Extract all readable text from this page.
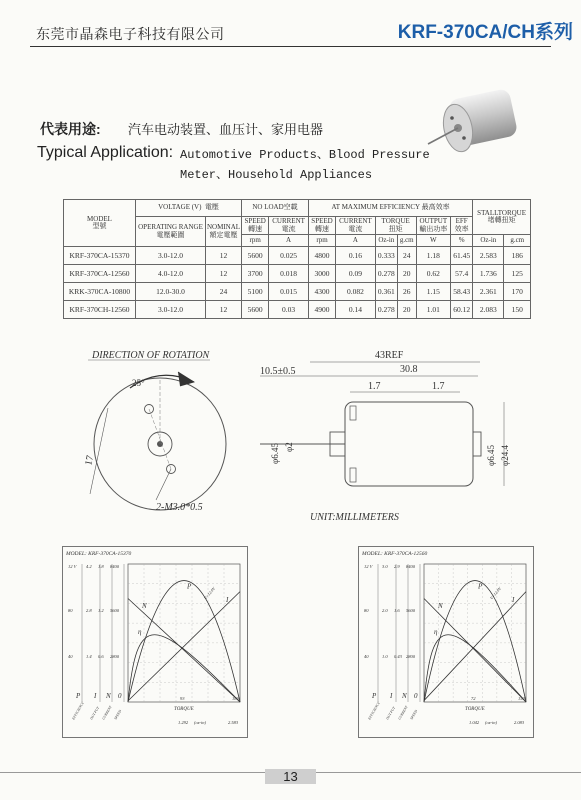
东莞市晶森电子科技有限公司	KRF-370CA/CH系列
代表用途: 汽车电动装置、血压计、家用电器
Typical Application: Automotive Products、Blood Pressure
Meter、Household Appliances
MODEL
型號	VOLTAGE (V) 電壓		NO LOAD空載		AT MAXIMUM EFFICIENCY 最高效率						STALLTORQUE
堵轉扭矩	
	OPERATING RANGE
電壓範圍	NOMINAL
額定電壓	SPEED
轉速	CURRENT
電流	SPEED
轉速	CURRENT
電流	TORQUE
扭矩		OUTPUT
輸出功率	EFF
效率		
			rpm	A	rpm	A	Oz-in	g.cm	W	%	Oz-in	g.cm
KRF-370CA-15370	3.0-12.0	12	5600	0.025	4800	0.16	0.333	24	1.18	61.45	2.583	186
KRF-370CA-12560	4.0-12.0	12	3700	0.018	3000	0.09	0.278	20	0.62	57.4	1.736	125
KRK-370CA-10800	12.0-30.0	24	5100	0.015	4300	0.082	0.361	26	1.15	58.43	2.361	170
KRF-370CH-12560	3.0-12.0	12	5600	0.03	4900	0.14	0.278	20	1.01	60.12	2.083	150
DIRECTION OF ROTATION
25°
17
2-M3.0*0.5
43REF
10.5±0.5	30.8
1.7	1.7
φ6.45 φ2	φ6.45 φ24.4
UNIT:MILLIMETERS
MODEL: KRF-370CA-15370
12 V 4.2 1.8 8400
80	2.8 1.2 5600
40	1.4 0.6 2800
P I N 0
EFFICIENCY OUT PUT CURRENT SPEED
N
P
η
I
V=12.0V
TORQUE
93	186
1.292	2.583
(oz-in)
MODEL: KRF-370CA-12560
12 V 3.0 2.9 8400
80	2.0 1.6 5600
40	1.0 0.43 2800
P I N 0
EFFICIENCY OUT PUT CURRENT SPEED
N
P
η
I
V=12.0V
TORQUE
72	150
1.042	2.083
(oz-in)
13
